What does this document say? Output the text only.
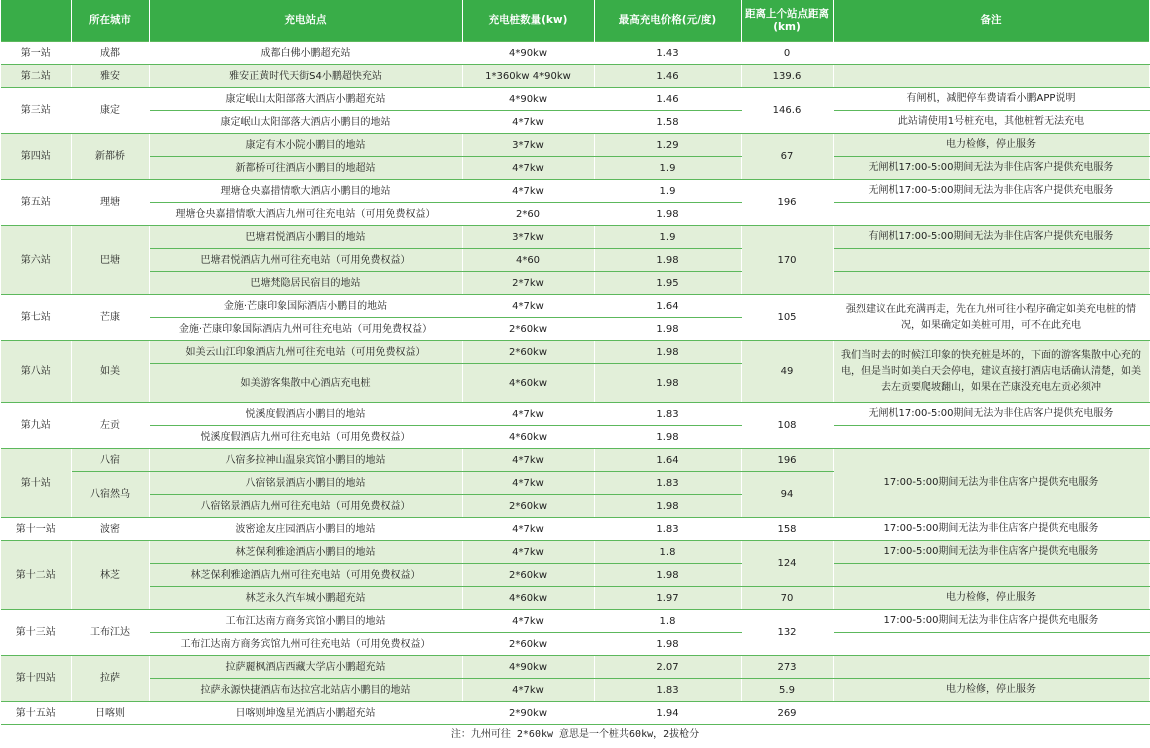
	所在城市	充电站点	充电桩数量(kw)	最高充电价格(元/度)	距离上个站点距离(km)	备注
第一站	成都	成都白佛小鹏超充站	4*90kw	1.43	0	
第二站	雅安	雅安正黄时代天街S4小鹏超快充站	1*360kw 4*90kw	1.46	139.6	
第三站	康定	康定岷山太阳部落大酒店小鹏超充站	4*90kw	1.46	146.6	有闸机，减肥停车费请看小鹏APP说明
		康定岷山太阳部落大酒店小鹏目的地站	4*7kw	1.58		此站请使用1号桩充电，其他桩暂无法充电
第四站	新都桥	康定有木小院小鹏目的地站	3*7kw	1.29	67	电力检修，停止服务
		新都桥可往酒店小鹏目的地超站	4*7kw	1.9		无闸机17:00-5:00期间无法为非住店客户提供充电服务
第五站	理塘	理塘仓央嘉措情歌大酒店小鹏目的地站	4*7kw	1.9	196	无闸机17:00-5:00期间无法为非住店客户提供充电服务
		理塘仓央嘉措情歌大酒店九州可往充电站（可用免费权益）	2*60	1.98		
第六站	巴塘	巴塘君悦酒店小鹏目的地站	3*7kw	1.9	170	有闸机17:00-5:00期间无法为非住店客户提供充电服务
		巴塘君悦酒店九州可往充电站（可用免费权益）	4*60	1.98		
		巴塘梵隐居民宿目的地站	2*7kw	1.95		
第七站	芒康	金施·芒康印象国际酒店小鹏目的地站	4*7kw	1.64	105	强烈建议在此充满再走，先在九州可往小程序确定如美充电桩的情况，如果确定如美桩可用，可不在此充电
		金施·芒康印象国际酒店九州可往充电站（可用免费权益）	2*60kw	1.98		
第八站	如美	如美云山江印象酒店九州可往充电站（可用免费权益）	2*60kw	1.98	49	我们当时去的时候江印象的快充桩是坏的，下面的游客集散中心充的电，但是当时如美白天会停电，建议直接打酒店电话确认清楚，如美去左贡要爬坡翻山，如果在芒康没充电左贡必须冲
		如美游客集散中心酒店充电桩	4*60kw	1.98		
第九站	左贡	悦溪度假酒店小鹏目的地站	4*7kw	1.83	108	无闸机17:00-5:00期间无法为非住店客户提供充电服务
		悦溪度假酒店九州可往充电站（可用免费权益）	4*60kw	1.98		
第十站	八宿	八宿多拉神山温泉宾馆小鹏目的地站	4*7kw	1.64	196	17:00-5:00期间无法为非住店客户提供充电服务
	八宿然乌	八宿铭景酒店小鹏目的地站	4*7kw	1.83	94	
		八宿铭景酒店九州可往充电站（可用免费权益）	2*60kw	1.98		
第十一站	波密	波密途友庄园酒店小鹏目的地站	4*7kw	1.83	158	17:00-5:00期间无法为非住店客户提供充电服务
第十二站	林芝	林芝保利雅途酒店小鹏目的地站	4*7kw	1.8	124	17:00-5:00期间无法为非住店客户提供充电服务
		林芝保利雅途酒店九州可往充电站（可用免费权益）	2*60kw	1.98		
		林芝永久汽车城小鹏超充站	4*60kw	1.97	70	电力检修，停止服务
第十三站	工布江达	工布江达南方商务宾馆小鹏目的地站	4*7kw	1.8	132	17:00-5:00期间无法为非住店客户提供充电服务
		工布江达南方商务宾馆九州可往充电站（可用免费权益）	2*60kw	1.98		
第十四站	拉萨	拉萨麗枫酒店西藏大学店小鹏超充站	4*90kw	2.07	273	
		拉萨永源快捷酒店布达拉宫北站店小鹏目的地站	4*7kw	1.83	5.9	电力检修，停止服务
第十五站	日喀则	日喀则坤逸星光酒店小鹏超充站	2*90kw	1.94	269	
注：九州可往 2*60kw 意思是一个桩共60kw，2拔枪分						
